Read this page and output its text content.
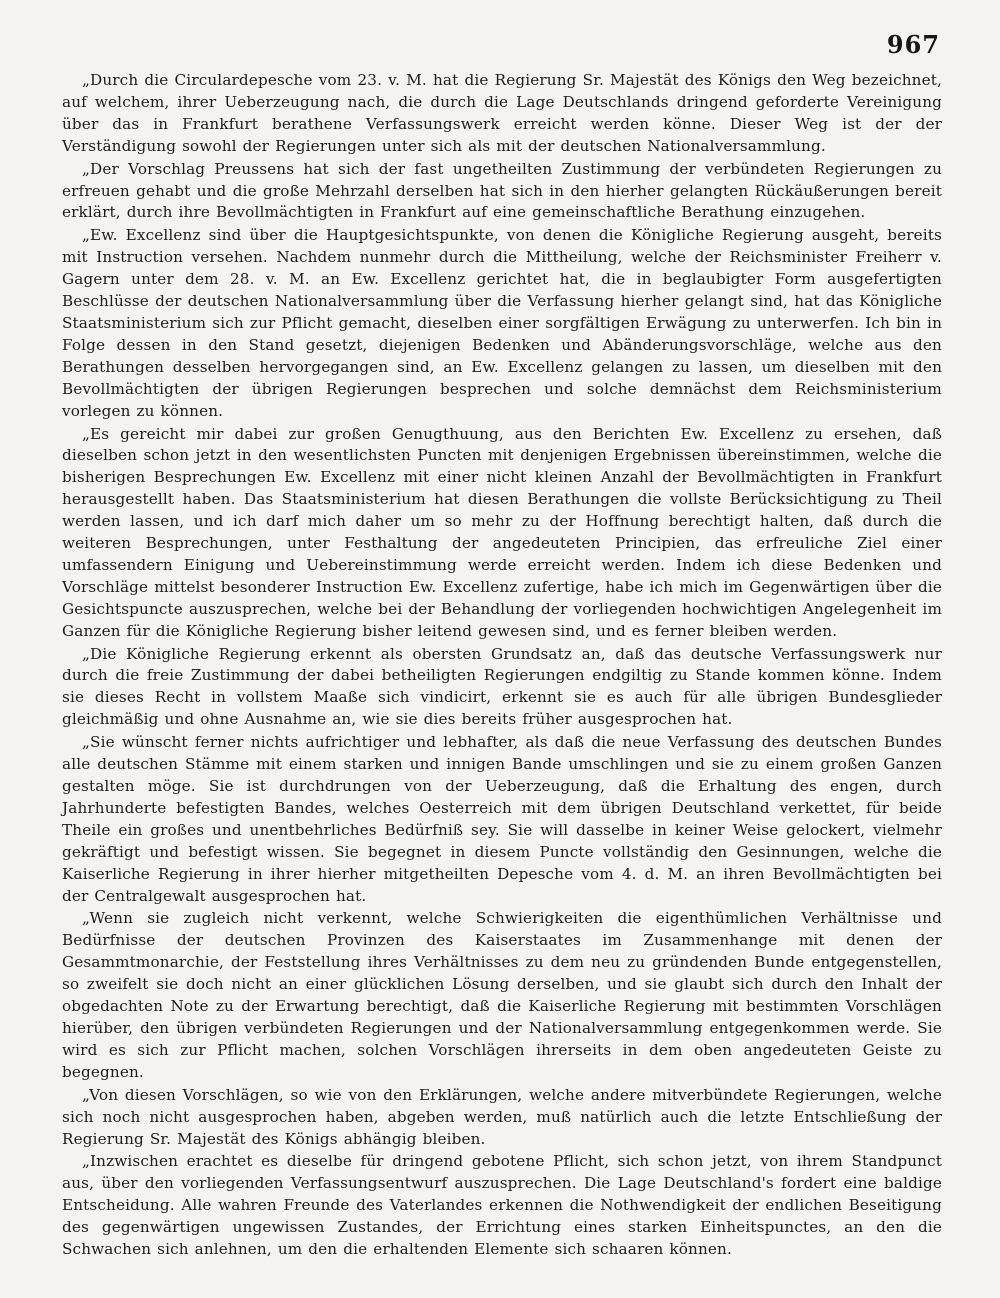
967

„Durch die Circulardepesche vom 23. v. M. hat die Regierung Sr. Majestät des Königs den Weg bezeichnet, auf welchem, ihrer Ueberzeugung nach, die durch die Lage Deutschlands dringend geforderte Vereinigung über das in Frankfurt berathene Verfassungswerk erreicht werden könne. Dieser Weg ist der der Verständigung sowohl der Regierungen unter sich als mit der deutschen Nationalversammlung.

„Der Vorschlag Preussens hat sich der fast ungetheilten Zustimmung der verbündeten Regierungen zu erfreuen gehabt und die große Mehrzahl derselben hat sich in den hierher gelangten Rückäußerungen bereit erklärt, durch ihre Bevollmächtigten in Frankfurt auf eine gemeinschaftliche Berathung einzugehen.

„Ew. Excellenz sind über die Hauptgesichtspunkte, von denen die Königliche Regierung ausgeht, bereits mit Instruction versehen. Nachdem nunmehr durch die Mittheilung, welche der Reichsminister Freiherr v. Gagern unter dem 28. v. M. an Ew. Excellenz gerichtet hat, die in beglaubigter Form ausgefertigten Beschlüsse der deutschen Nationalversammlung über die Verfassung hierher gelangt sind, hat das Königliche Staatsministerium sich zur Pflicht gemacht, dieselben einer sorgfältigen Erwägung zu unterwerfen. Ich bin in Folge dessen in den Stand gesetzt, diejenigen Bedenken und Abänderungsvorschläge, welche aus den Berathungen desselben hervorgegangen sind, an Ew. Excellenz gelangen zu lassen, um dieselben mit den Bevollmächtigten der übrigen Regierungen besprechen und solche demnächst dem Reichsministerium vorlegen zu können.

„Es gereicht mir dabei zur großen Genugthuung, aus den Berichten Ew. Excellenz zu ersehen, daß dieselben schon jetzt in den wesentlichsten Puncten mit denjenigen Ergebnissen übereinstimmen, welche die bisherigen Besprechungen Ew. Excellenz mit einer nicht kleinen Anzahl der Bevollmächtigten in Frankfurt herausgestellt haben. Das Staatsministerium hat diesen Berathungen die vollste Berücksichtigung zu Theil werden lassen, und ich darf mich daher um so mehr zu der Hoffnung berechtigt halten, daß durch die weiteren Besprechungen, unter Festhaltung der angedeuteten Principien, das erfreuliche Ziel einer umfassendern Einigung und Uebereinstimmung werde erreicht werden. Indem ich diese Bedenken und Vorschläge mittelst besonderer Instruction Ew. Excellenz zufertige, habe ich mich im Gegenwärtigen über die Gesichtspuncte auszusprechen, welche bei der Behandlung der vorliegenden hochwichtigen Angelegenheit im Ganzen für die Königliche Regierung bisher leitend gewesen sind, und es ferner bleiben werden.

„Die Königliche Regierung erkennt als obersten Grundsatz an, daß das deutsche Verfassungswerk nur durch die freie Zustimmung der dabei betheiligten Regierungen endgiltig zu Stande kommen könne. Indem sie dieses Recht in vollstem Maaße sich vindicirt, erkennt sie es auch für alle übrigen Bundesglieder gleichmäßig und ohne Ausnahme an, wie sie dies bereits früher ausgesprochen hat.

„Sie wünscht ferner nichts aufrichtiger und lebhafter, als daß die neue Verfassung des deutschen Bundes alle deutschen Stämme mit einem starken und innigen Bande umschlingen und sie zu einem großen Ganzen gestalten möge. Sie ist durchdrungen von der Ueberzeugung, daß die Erhaltung des engen, durch Jahrhunderte befestigten Bandes, welches Oesterreich mit dem übrigen Deutschland verkettet, für beide Theile ein großes und unentbehrliches Bedürfniß sey. Sie will dasselbe in keiner Weise gelockert, vielmehr gekräftigt und befestigt wissen. Sie begegnet in diesem Puncte vollständig den Gesinnungen, welche die Kaiserliche Regierung in ihrer hierher mitgetheilten Depesche vom 4. d. M. an ihren Bevollmächtigten bei der Centralgewalt ausgesprochen hat.

„Wenn sie zugleich nicht verkennt, welche Schwierigkeiten die eigenthümlichen Verhältnisse und Bedürfnisse der deutschen Provinzen des Kaiserstaates im Zusammenhange mit denen der Gesammtmonarchie, der Feststellung ihres Verhältnisses zu dem neu zu gründenden Bunde entgegenstellen, so zweifelt sie doch nicht an einer glücklichen Lösung derselben, und sie glaubt sich durch den Inhalt der obgedachten Note zu der Erwartung berechtigt, daß die Kaiserliche Regierung mit bestimmten Vorschlägen hierüber, den übrigen verbündeten Regierungen und der Nationalversammlung entgegenkommen werde. Sie wird es sich zur Pflicht machen, solchen Vorschlägen ihrerseits in dem oben angedeuteten Geiste zu begegnen.

„Von diesen Vorschlägen, so wie von den Erklärungen, welche andere mitverbündete Regierungen, welche sich noch nicht ausgesprochen haben, abgeben werden, muß natürlich auch die letzte Entschließung der Regierung Sr. Majestät des Königs abhängig bleiben.

„Inzwischen erachtet es dieselbe für dringend gebotene Pflicht, sich schon jetzt, von ihrem Standpunct aus, über den vorliegenden Verfassungsentwurf auszusprechen. Die Lage Deutschland's fordert eine baldige Entscheidung. Alle wahren Freunde des Vaterlandes erkennen die Nothwendigkeit der endlichen Beseitigung des gegenwärtigen ungewissen Zustandes, der Errichtung eines starken Einheitspunctes, an den die Schwachen sich anlehnen, um den die erhaltenden Elemente sich schaaren können.
